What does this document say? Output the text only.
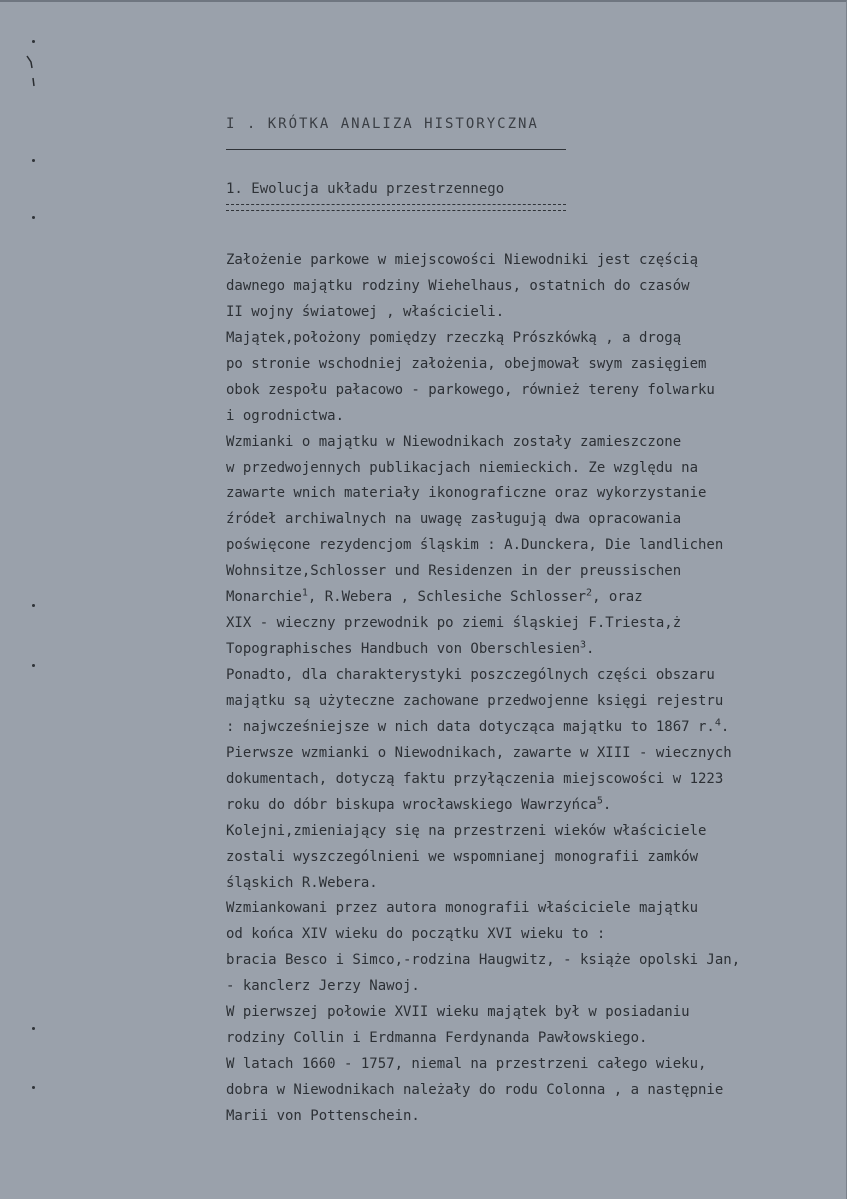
I . KRÓTKA ANALIZA HISTORYCZNA
1. Ewolucja układu przestrzennego
Założenie parkowe w miejscowości Niewodniki jest częścią
dawnego majątku rodziny Wiehelhaus, ostatnich do czasów
II wojny światowej , właścicieli.
Majątek,położony pomiędzy rzeczką Prószkówką , a drogą
po stronie wschodniej założenia, obejmował swym zasięgiem
obok zespołu pałacowo - parkowego, również tereny folwarku
i ogrodnictwa.
Wzmianki o majątku w Niewodnikach zostały zamieszczone
w przedwojennych publikacjach niemieckich. Ze względu na
zawarte wnich materiały ikonograficzne oraz wykorzystanie
źródeł archiwalnych na uwagę zasługują dwa opracowania
poświęcone rezydencjom śląskim : A.Dunckera, Die landlichen
Wohnsitze,Schlosser und Residenzen in der preussischen
Monarchie$^1$, R.Webera , Schlesiche Schlosser$^2$, oraz
XIX - wieczny przewodnik po ziemi śląskiej F.Triesta,ż
Topographisches Handbuch von Oberschlesien$^3$.
Ponadto, dla charakterystyki poszczególnych części obszaru
majątku są użyteczne zachowane przedwojenne księgi rejestru
: najwcześniejsze w nich data dotycząca majątku to 1867 r.$^4$.
Pierwsze wzmianki o Niewodnikach, zawarte w XIII - wiecznych
dokumentach, dotyczą faktu przyłączenia miejscowości w 1223
roku do dóbr biskupa wrocławskiego Wawrzyńca$^5$.
Kolejni,zmieniający się na przestrzeni wieków właściciele
zostali wyszczególnieni we wspomnianej monografii zamków
śląskich R.Webera.
Wzmiankowani przez autora monografii właściciele majątku
od końca XIV wieku do początku XVI wieku to :
bracia Besco i Simco,-rodzina Haugwitz, - książe opolski Jan,
- kanclerz Jerzy Nawoj.
W pierwszej połowie XVII wieku majątek był w posiadaniu
rodziny Collin i Erdmanna Ferdynanda Pawłowskiego.
W latach 1660 - 1757, niemal na przestrzeni całego wieku,
dobra w Niewodnikach należały do rodu Colonna , a następnie
Marii von Pottenschein.
